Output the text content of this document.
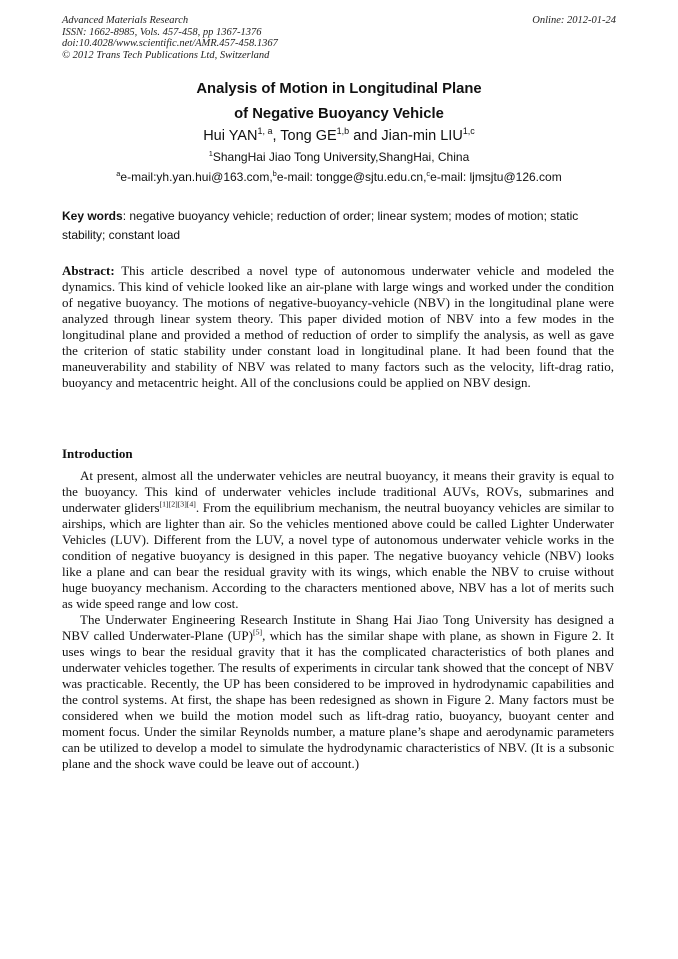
Advanced Materials Research	Online: 2012-01-24
ISSN: 1662-8985, Vols. 457-458, pp 1367-1376
doi:10.4028/www.scientific.net/AMR.457-458.1367
© 2012 Trans Tech Publications Ltd, Switzerland
Analysis of Motion in Longitudinal Plane
of Negative Buoyancy Vehicle
Hui YAN$^{1, a}$, Tong GE$^{1,b}$ and Jian-min LIU$^{1,c}$
$^1$ShangHai Jiao Tong University,ShangHai, China
$^a$e-mail:yh.yan.hui@163.com,$^b$e-mail: tongge@sjtu.edu.cn,$^c$e-mail: ljmsjtu@126.com
Key words: negative buoyancy vehicle; reduction of order; linear system; modes of motion; static stability; constant load
Abstract: This article described a novel type of autonomous underwater vehicle and modeled the dynamics. This kind of vehicle looked like an air-plane with large wings and worked under the condition of negative buoyancy. The motions of negative-buoyancy-vehicle (NBV) in the longitudinal plane were analyzed through linear system theory. This paper divided motion of NBV into a few modes in the longitudinal plane and provided a method of reduction of order to simplify the analysis, as well as gave the criterion of static stability under constant load in longitudinal plane. It had been found that the maneuverability and stability of NBV was related to many factors such as the velocity, lift-drag ratio, buoyancy and metacentric height. All of the conclusions could be applied on NBV design.
Introduction

At present, almost all the underwater vehicles are neutral buoyancy, it means their gravity is equal to the buoyancy. This kind of underwater vehicles include traditional AUVs, ROVs, submarines and underwater gliders[1][2][3][4]. From the equilibrium mechanism, the neutral buoyancy vehicles are similar to airships, which are lighter than air. So the vehicles mentioned above could be called Lighter Underwater Vehicles (LUV). Different from the LUV, a novel type of autonomous underwater vehicle works in the condition of negative buoyancy is designed in this paper. The negative buoyancy vehicle (NBV) looks like a plane and can bear the residual gravity with its wings, which enable the NBV to cruise without huge buoyancy mechanism. According to the characters mentioned above, NBV has a lot of merits such as wide speed range and low cost.

The Underwater Engineering Research Institute in Shang Hai Jiao Tong University has designed a NBV called Underwater-Plane (UP)[5], which has the similar shape with plane, as shown in Figure 2. It uses wings to bear the residual gravity that it has the complicated characteristics of both planes and underwater vehicles together. The results of experiments in circular tank showed that the concept of NBV was practicable. Recently, the UP has been considered to be improved in hydrodynamic capabilities and the control systems. At first, the shape has been redesigned as shown in Figure 2. Many factors must be considered when we build the motion model such as lift-drag ratio, buoyancy, buoyant center and moment focus. Under the similar Reynolds number, a mature plane’s shape and aerodynamic parameters can be utilized to develop a model to simulate the hydrodynamic characteristics of NBV. (It is a subsonic plane and the shock wave could be leave out of account.)
